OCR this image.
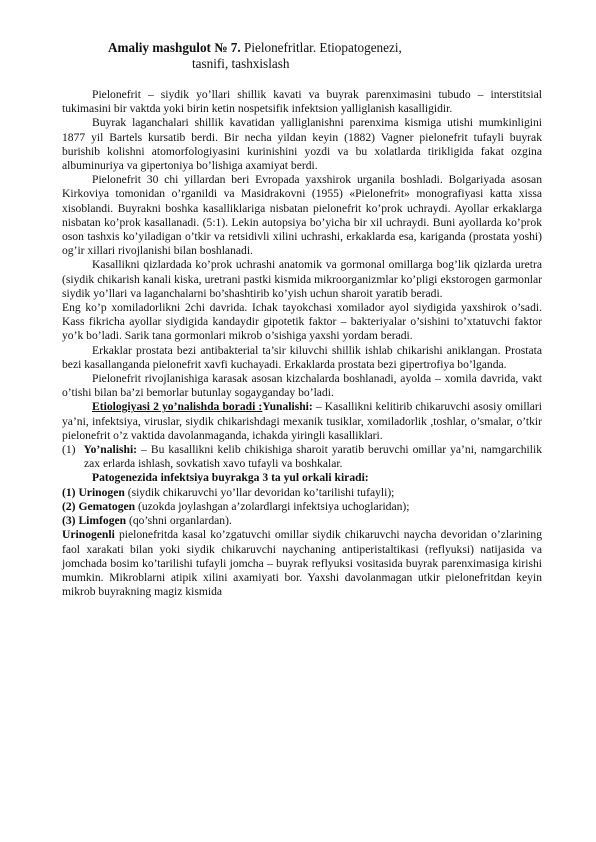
Amaliy mashgulot № 7. Pielonefritlar. Etiopatogenezi,
tasnifi, tashxislash

Pielonefrit – siydik yo’llari shillik kavati va buyrak parenximasini tubudo – interstitsial tukimasini bir vaktda yoki birin ketin nospetsifik infektsion yalliglanish kasalligidir.

Buyrak laganchalari shillik kavatidan yalliglanishni parenxima kismiga utishi mumkinligini 1877 yil Bartels kursatib berdi. Bir necha yildan keyin (1882) Vagner pielonefrit tufayli buyrak burishib kolishni atomorfologiyasini kurinishini yozdi va bu xolatlarda tirikligida fakat ozgina albuminuriya va gipertoniya bo’lishiga axamiyat berdi.

Pielonefrit 30 chi yillardan beri Evropada yaxshirok urganila boshladi. Bolgariyada asosan Kirkoviya tomonidan o’rganildi va Masidrakovni (1955) «Pielonefrit» monografiyasi katta xissa xisoblandi. Buyrakni boshka kasalliklariga nisbatan pielonefrit ko’prok uchraydi. Ayollar erkaklarga nisbatan ko’prok kasallanadi. (5:1). Lekin autopsiya bo’yicha bir xil uchraydi. Buni ayollarda ko’prok oson tashxis ko’yiladigan o’tkir va retsidivli xilini uchrashi, erkaklarda esa, kariganda (prostata yoshi) og’ir xillari rivojlanishi bilan boshlanadi.

Kasallikni qizlardada ko’prok uchrashi anatomik va gormonal omillarga bog’lik qizlarda uretra (siydik chikarish kanali kiska, uretrani pastki kismida mikroorganizmlar ko’pligi ekstorogen garmonlar siydik yo’llari va laganchalarni bo’shashtirib ko’yish uchun sharoit yaratib beradi.

Eng ko’p xomiladorlikni 2chi davrida. Ichak tayokchasi xomilador ayol siydigida yaxshirok o’sadi. Kass fikricha ayollar siydigida kandaydir gipotetik faktor – bakteriyalar o’sishini to’xtatuvchi faktor yo’k bo’ladi. Sarik tana gormonlari mikrob o’sishiga yaxshi yordam beradi.

Erkaklar prostata bezi antibakterial ta’sir kiluvchi shillik ishlab chikarishi aniklangan. Prostata bezi kasallanganda pielonefrit xavfi kuchayadi. Erkaklarda prostata bezi gipertrofiya bo’lganda.

Pielonefrit rivojlanishiga karasak asosan kizchalarda boshlanadi, ayolda – xomila davrida, vakt o’tishi bilan ba’zi bemorlar butunlay sogayganday bo’ladi.

Etiologiyasi 2 yo’nalishda boradi :Yunalishi: – Kasallikni kelitirib chikaruvchi asosiy omillari ya’ni, infektsiya, viruslar, siydik chikarishdagi mexanik tusiklar, xomiladorlik ,toshlar, o’smalar, o’tkir pielonefrit o’z vaktida davolanmaganda, ichakda yiringli kasalliklari.

(1) Yo’nalishi: – Bu kasallikni kelib chikishiga sharoit yaratib beruvchi omillar ya’ni, namgarchilik zax erlarda ishlash, sovkatish xavo tufayli va boshkalar.

Patogenezida infektsiya buyrakga 3 ta yul orkali kiradi:

(1) Urinogen (siydik chikaruvchi yo’llar devoridan ko’tarilishi tufayli);

(2) Gematogen (uzokda joylashgan a’zolardlargi infektsiya uchoglaridan);

(3) Limfogen (qo’shni organlardan).

Urinogenli pielonefritda kasal ko’zgatuvchi omillar siydik chikaruvchi naycha devoridan o’zlarining faol xarakati bilan yoki siydik chikaruvchi naychaning antiperistaltikasi (reflyuksi) natijasida va jomchada bosim ko’tarilishi tufayli jomcha – buyrak reflyuksi vositasida buyrak parenximasiga kirishi mumkin. Mikroblarni atipik xilini axamiyati bor. Yaxshi davolanmagan utkir pielonefritdan keyin mikrob buyrakning magiz kismida
